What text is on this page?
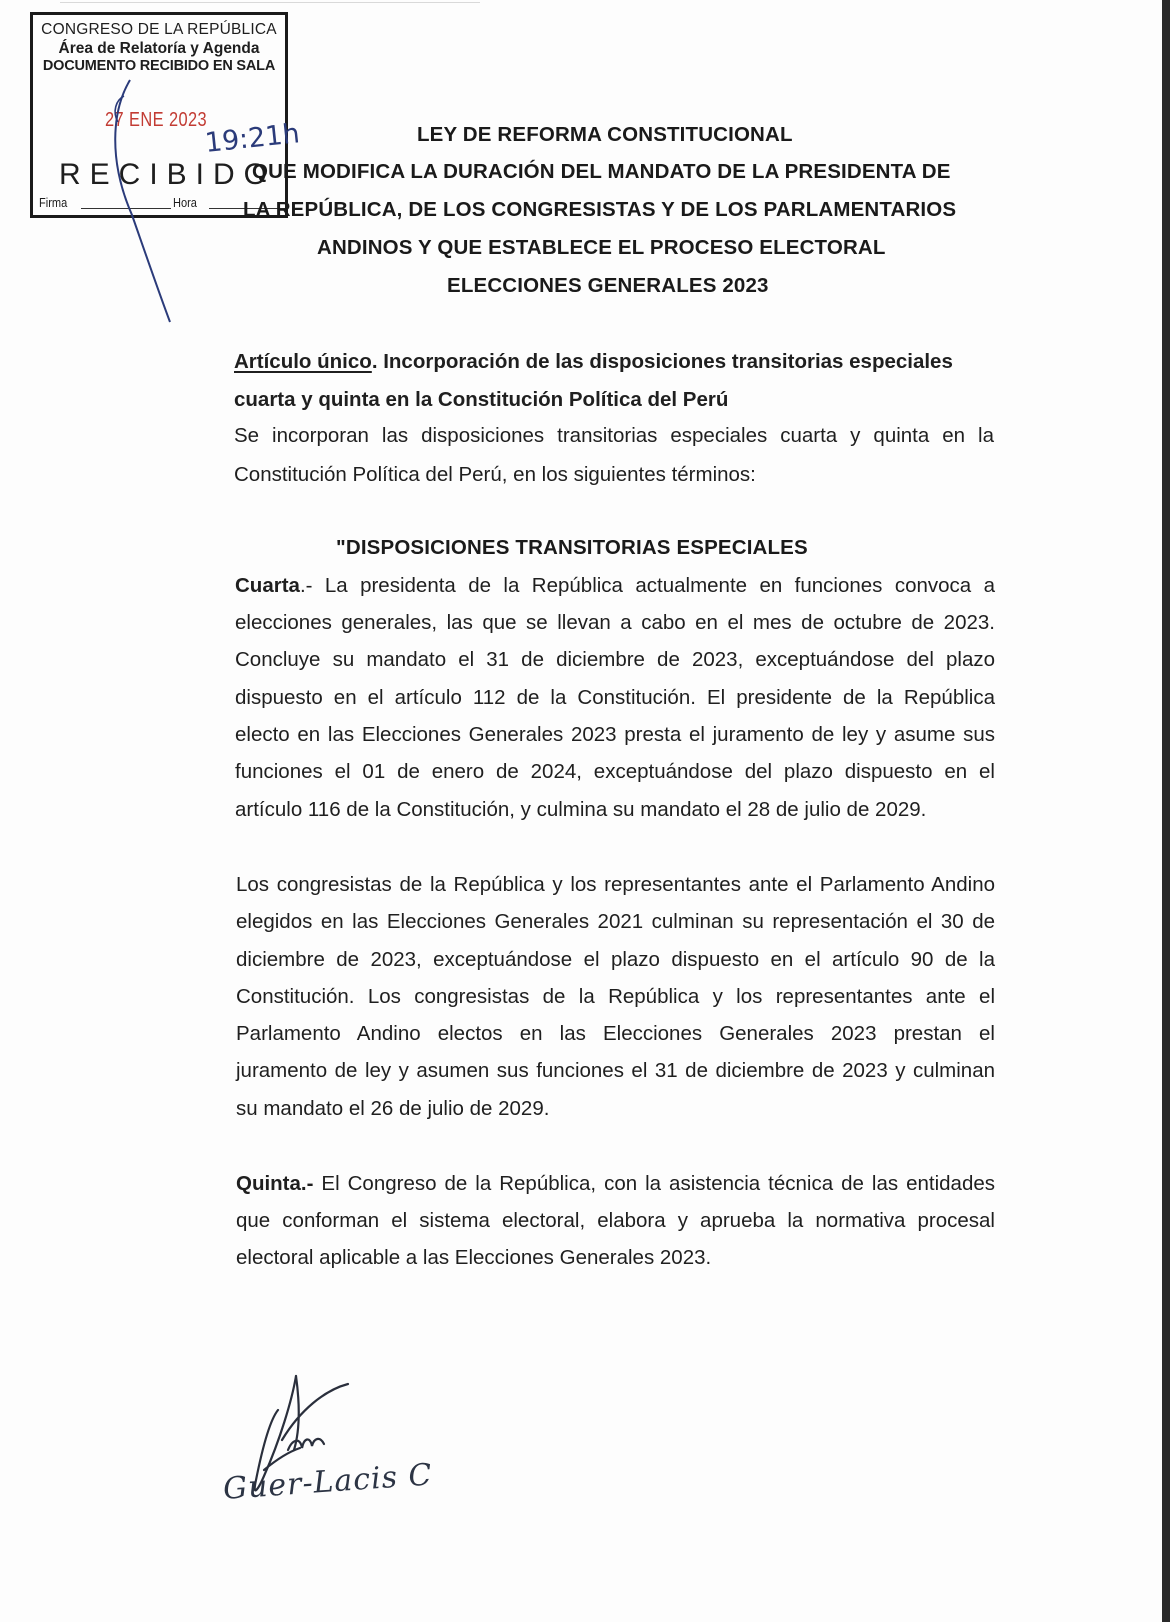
CONGRESO DE LA REPÚBLICA
Área de Relatoría y Agenda
DOCUMENTO RECIBIDO EN SALA
27 ENE 2023
RECIBIDO
Firma	Hora
LEY DE REFORMA CONSTITUCIONAL
QUE MODIFICA LA DURACIÓN DEL MANDATO DE LA PRESIDENTA DE
LA REPÚBLICA, DE LOS CONGRESISTAS Y DE LOS PARLAMENTARIOS
ANDINOS Y QUE ESTABLECE EL PROCESO ELECTORAL
ELECCIONES GENERALES 2023
Artículo único. Incorporación de las disposiciones transitorias especiales
cuarta y quinta en la Constitución Política del Perú
Se incorporan las disposiciones transitorias especiales cuarta y quinta en la
Constitución Política del Perú, en los siguientes términos:
"DISPOSICIONES TRANSITORIAS ESPECIALES
Cuarta.- La presidenta de la República actualmente en funciones convoca a
elecciones generales, las que se llevan a cabo en el mes de octubre de 2023.
Concluye su mandato el 31 de diciembre de 2023, exceptuándose del plazo
dispuesto en el artículo 112 de la Constitución. El presidente de la República
electo en las Elecciones Generales 2023 presta el juramento de ley y asume sus
funciones el 01 de enero de 2024, exceptuándose del plazo dispuesto en el
artículo 116 de la Constitución, y culmina su mandato el 28 de julio de 2029.
Los congresistas de la República y los representantes ante el Parlamento Andino
elegidos en las Elecciones Generales 2021 culminan su representación el 30 de
diciembre de 2023, exceptuándose el plazo dispuesto en el artículo 90 de la
Constitución. Los congresistas de la República y los representantes ante el
Parlamento Andino electos en las Elecciones Generales 2023 prestan el
juramento de ley y asumen sus funciones el 31 de diciembre de 2023 y culminan
su mandato el 26 de julio de 2029.
Quinta.- El Congreso de la República, con la asistencia técnica de las entidades
que conforman el sistema electoral, elabora y aprueba la normativa procesal
electoral aplicable a las Elecciones Generales 2023.
Guer-Lacis C
19:21h
